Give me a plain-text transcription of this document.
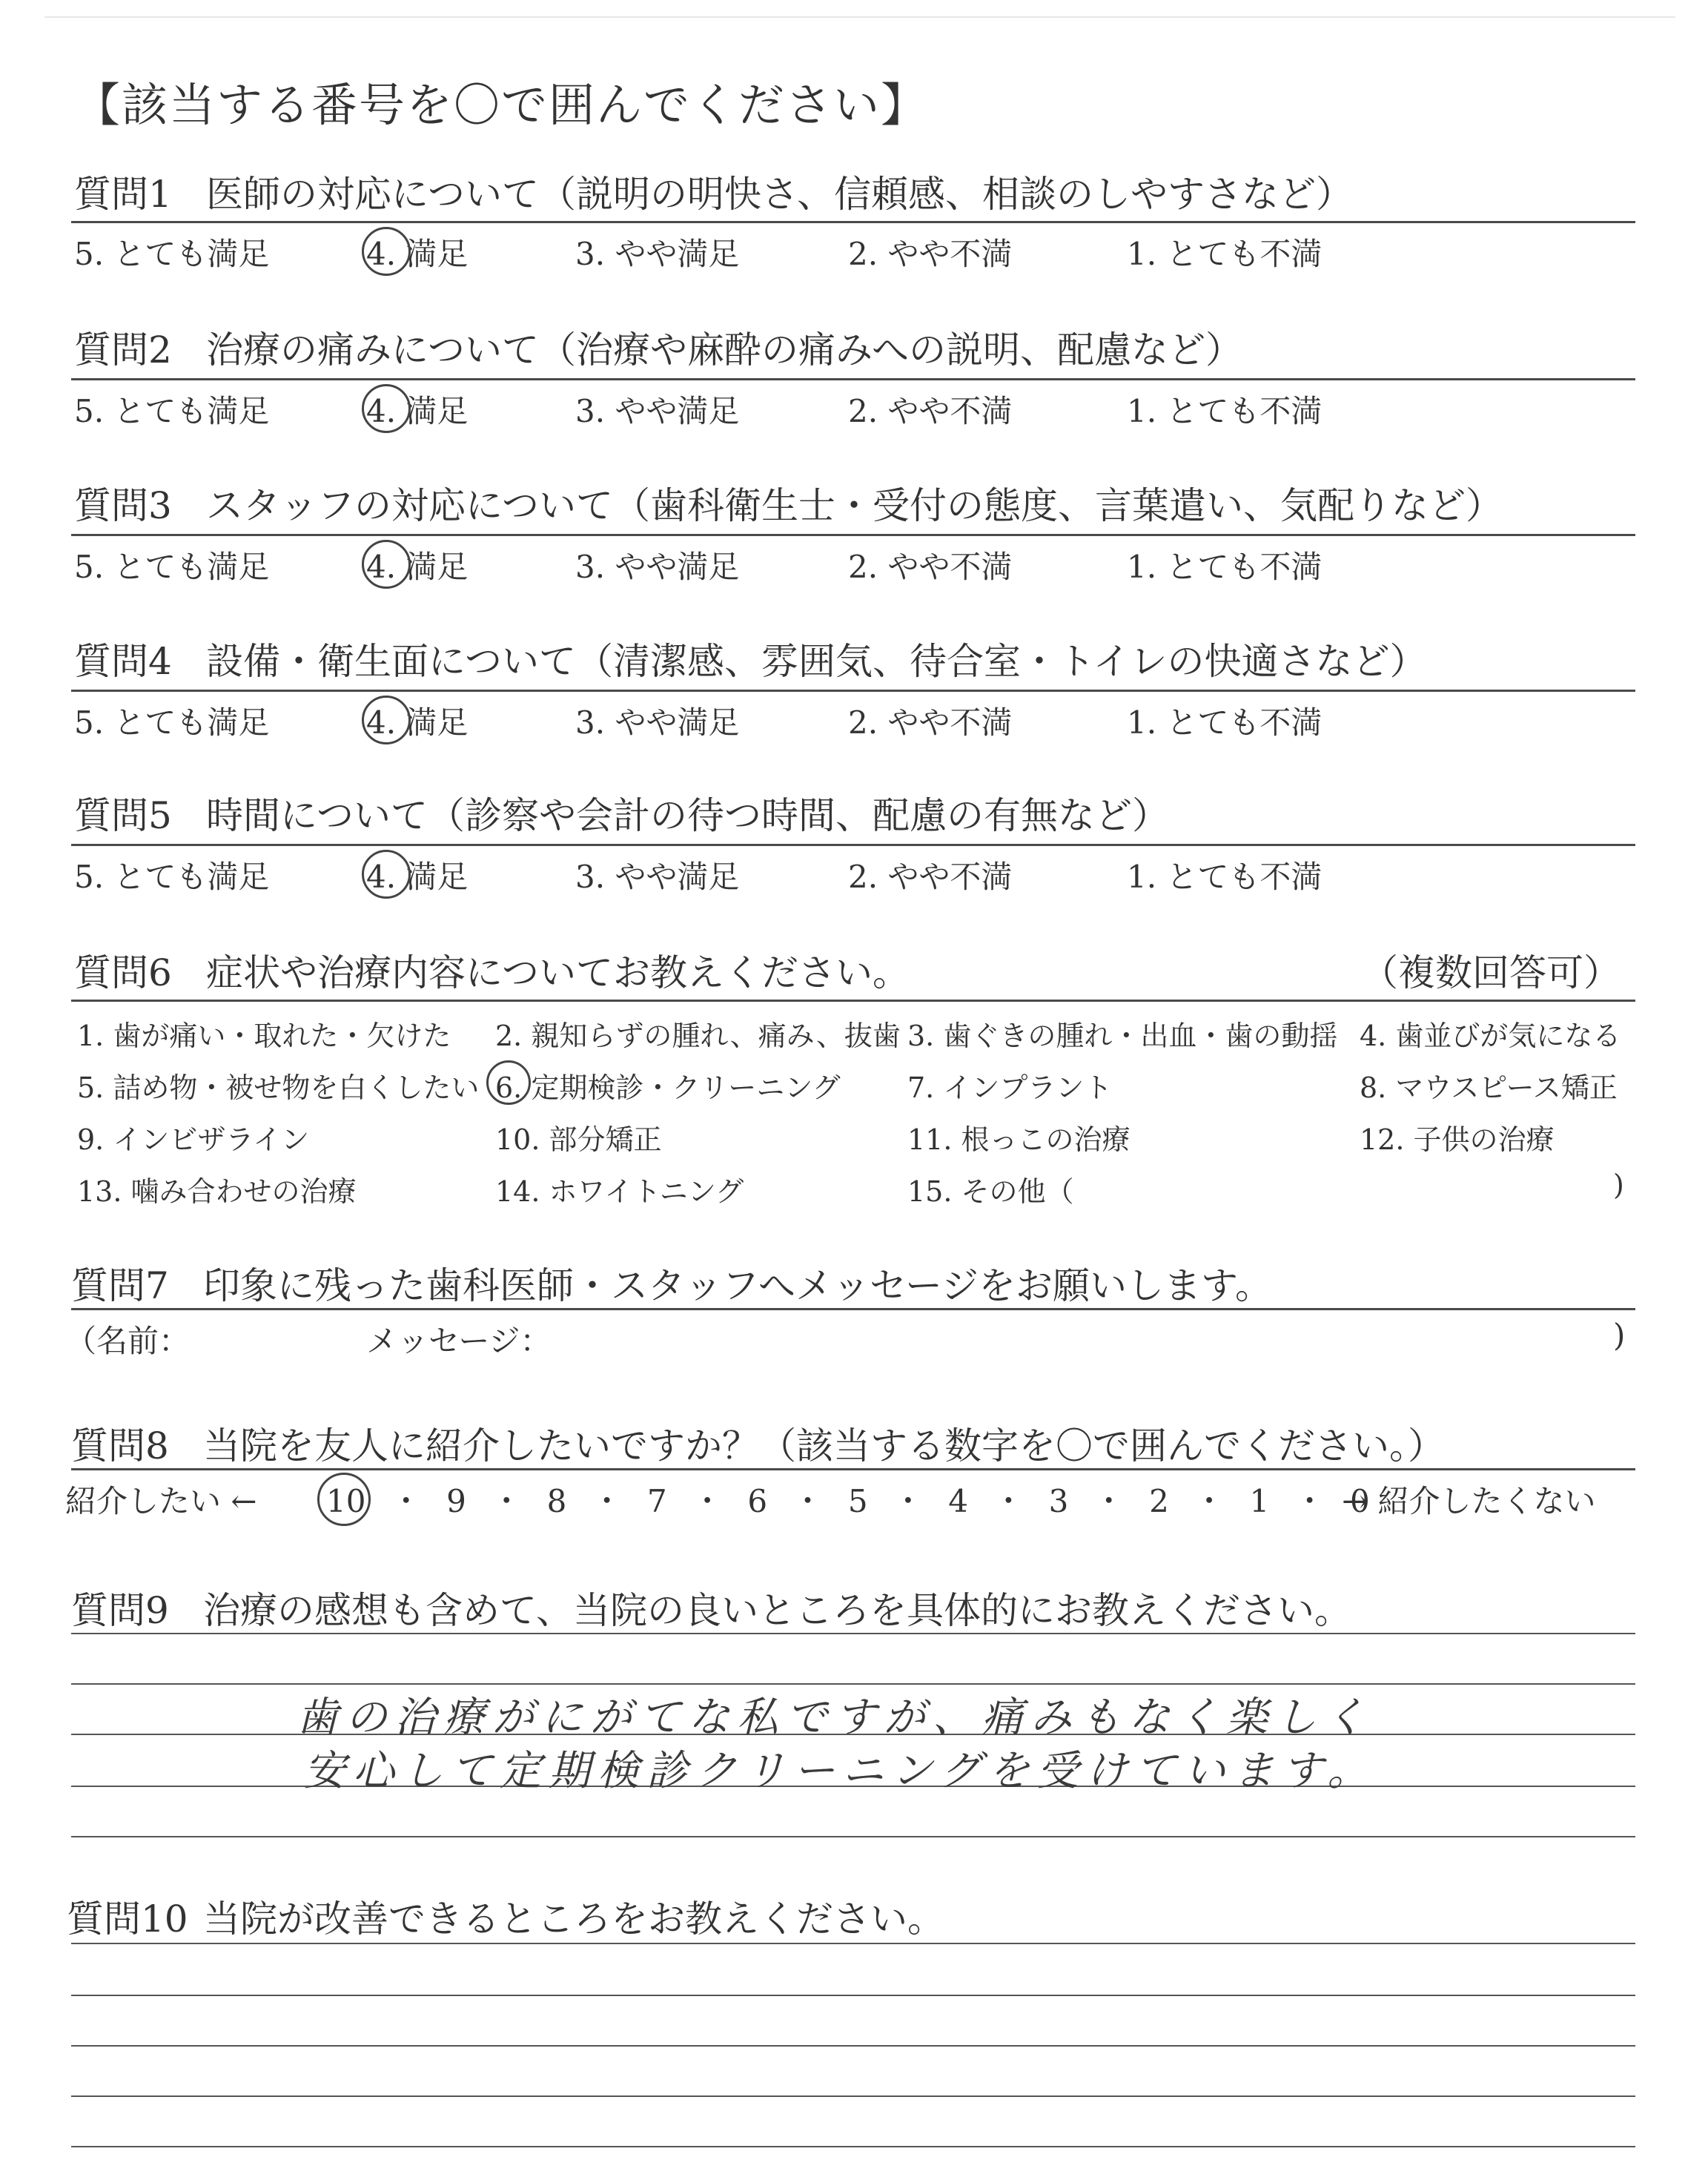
【該当する番号を〇で囲んでください】
質問1 医師の対応について（説明の明快さ、信頼感、相談のしやすさなど）
5. とても満足	4. 満足	3. やや満足	2. やや不満	1. とても不満
質問2 治療の痛みについて（治療や麻酔の痛みへの説明、配慮など）
5. とても満足	4. 満足	3. やや満足	2. やや不満	1. とても不満
質問3 スタッフの対応について（歯科衛生士・受付の態度、言葉遣い、気配りなど）
5. とても満足	4. 満足	3. やや満足	2. やや不満	1. とても不満
質問4 設備・衛生面について（清潔感、雰囲気、待合室・トイレの快適さなど）
5. とても満足	4. 満足	3. やや満足	2. やや不満	1. とても不満
質問5 時間について（診察や会計の待つ時間、配慮の有無など）
5. とても満足	4. 満足	3. やや満足	2. やや不満	1. とても不満
質問6 症状や治療内容についてお教えください。	（複数回答可）
1. 歯が痛い・取れた・欠けた 2. 親知らずの腫れ、痛み、抜歯 3. 歯ぐきの腫れ・出血・歯の動揺 4. 歯並びが気になる
5. 詰め物・被せ物を白くしたい 6. 定期検診・クリーニング 7. インプラント	8. マウスピース矯正
9. インビザライン	10. 部分矯正	11. 根っこの治療	12. 子供の治療
13. 噛み合わせの治療	14. ホワイトニング	15. その他（	)
質問7 印象に残った歯科医師・スタッフへメッセージをお願いします。
（名前：	メッセージ：	)
質問8 当院を友人に紹介したいですか？（該当する数字を〇で囲んでください。）
紹介したい ← 10 ・ 9 ・ 8 ・ 7 ・ 6 ・ 5 ・ 4 ・ 3 ・ 2 ・ 1 ・ 0
→ 紹介したくない
質問9 治療の感想も含めて、当院の良いところを具体的にお教えください。
歯の治療がにがてな私ですが、痛みもなく楽しく
安心して定期検診クリーニングを受けています。
質問10 当院が改善できるところをお教えください。
